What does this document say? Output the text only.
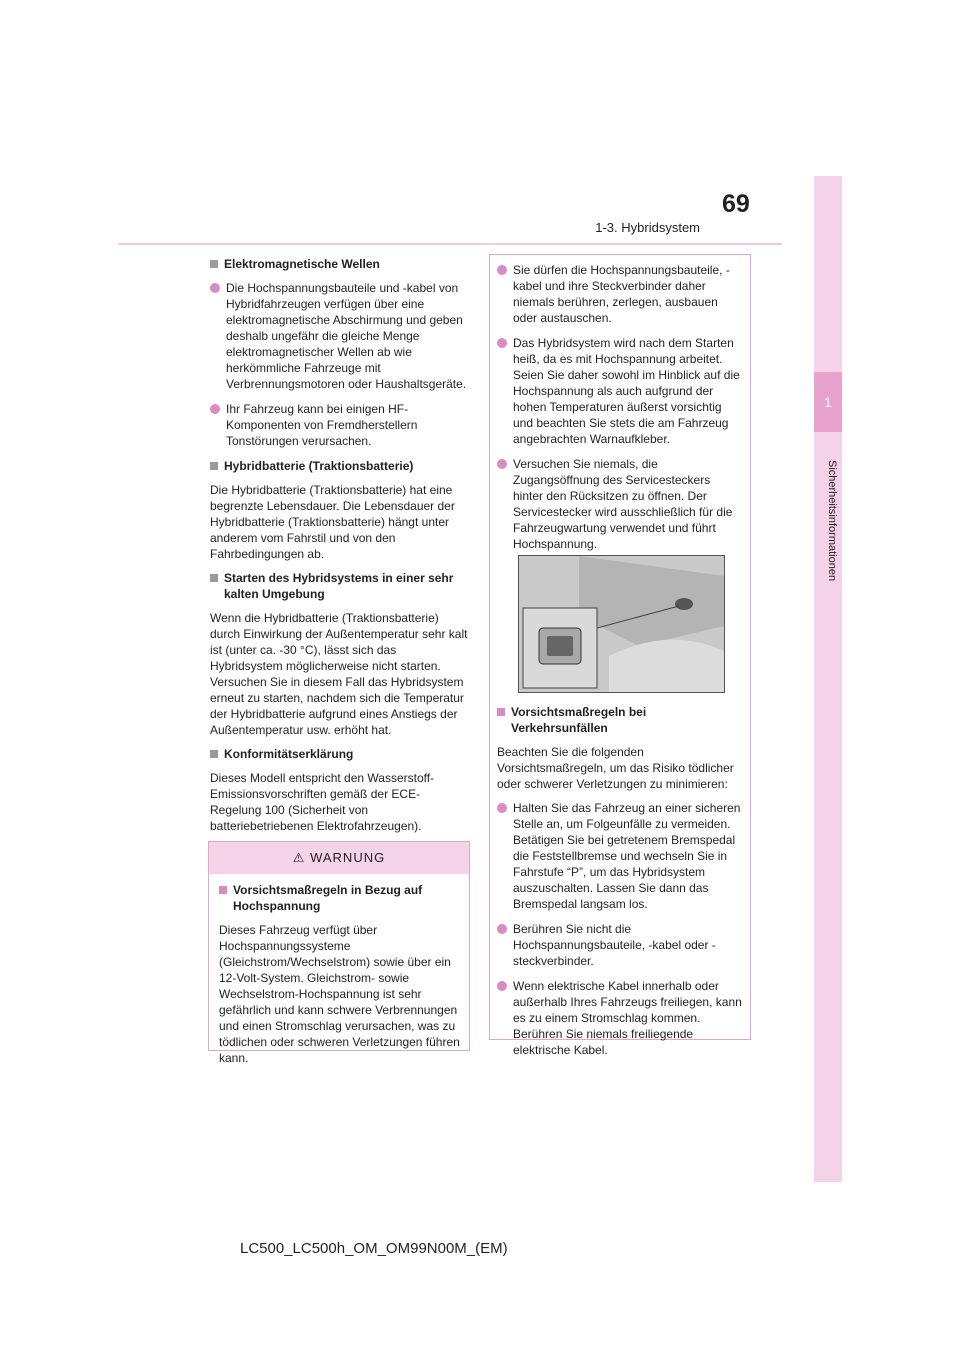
69
1-3. Hybridsystem
1
Sicherheitsinformationen
Elektromagnetische Wellen
Die Hochspannungsbauteile und -kabel von Hybridfahrzeugen verfügen über eine elektromagnetische Abschirmung und geben deshalb ungefähr die gleiche Menge elektromagnetischer Wellen ab wie herkömmliche Fahrzeuge mit Verbrennungsmotoren oder Haushaltsgeräte.
Ihr Fahrzeug kann bei einigen HF-Komponenten von Fremdherstellern Tonstörungen verursachen.
Hybridbatterie (Traktionsbatterie)

Die Hybridbatterie (Traktionsbatterie) hat eine begrenzte Lebensdauer. Die Lebensdauer der Hybridbatterie (Traktionsbatterie) hängt unter anderem vom Fahrstil und von den Fahrbedingungen ab.

Starten des Hybridsystems in einer sehr kalten Umgebung

Wenn die Hybridbatterie (Traktionsbatterie) durch Einwirkung der Außentemperatur sehr kalt ist (unter ca. -30 °C), lässt sich das Hybridsystem möglicherweise nicht starten. Versuchen Sie in diesem Fall das Hybridsystem erneut zu starten, nachdem sich die Temperatur der Hybridbatterie aufgrund eines Anstiegs der Außentemperatur usw. erhöht hat.

Konformitätserklärung

Dieses Modell entspricht den Wasserstoff-Emissionsvorschriften gemäß der ECE-Regelung 100 (Sicherheit von batteriebetriebenen Elektrofahrzeugen).

⚠ WARNUNG
Vorsichtsmaßregeln in Bezug auf Hochspannung

Dieses Fahrzeug verfügt über Hochspannungssysteme (Gleichstrom/Wechselstrom) sowie über ein 12-Volt-System. Gleichstrom- sowie Wechselstrom-Hochspannung ist sehr gefährlich und kann schwere Verbrennungen und einen Stromschlag verursachen, was zu tödlichen oder schweren Verletzungen führen kann.

Sie dürfen die Hochspannungsbauteile, -kabel und ihre Steckverbinder daher niemals berühren, zerlegen, ausbauen oder austauschen.
Das Hybridsystem wird nach dem Starten heiß, da es mit Hochspannung arbeitet. Seien Sie daher sowohl im Hinblick auf die Hochspannung als auch aufgrund der hohen Temperaturen äußerst vorsichtig und beachten Sie stets die am Fahrzeug angebrachten Warnaufkleber.
Versuchen Sie niemals, die Zugangsöffnung des Servicesteckers hinter den Rücksitzen zu öffnen. Der Servicestecker wird ausschließlich für die Fahrzeugwartung verwendet und führt Hochspannung.
Vorsichtsmaßregeln bei Verkehrsunfällen

Beachten Sie die folgenden Vorsichtsmaßregeln, um das Risiko tödlicher oder schwerer Verletzungen zu minimieren:

Halten Sie das Fahrzeug an einer sicheren Stelle an, um Folgeunfälle zu vermeiden. Betätigen Sie bei getretenem Bremspedal die Feststellbremse und wechseln Sie in Fahrstufe “P”, um das Hybridsystem auszuschalten. Lassen Sie dann das Bremspedal langsam los.
Berühren Sie nicht die Hochspannungsbauteile, -kabel oder -steckverbinder.
Wenn elektrische Kabel innerhalb oder außerhalb Ihres Fahrzeugs freiliegen, kann es zu einem Stromschlag kommen. Berühren Sie niemals freiliegende elektrische Kabel.
LC500_LC500h_OM_OM99N00M_(EM)
